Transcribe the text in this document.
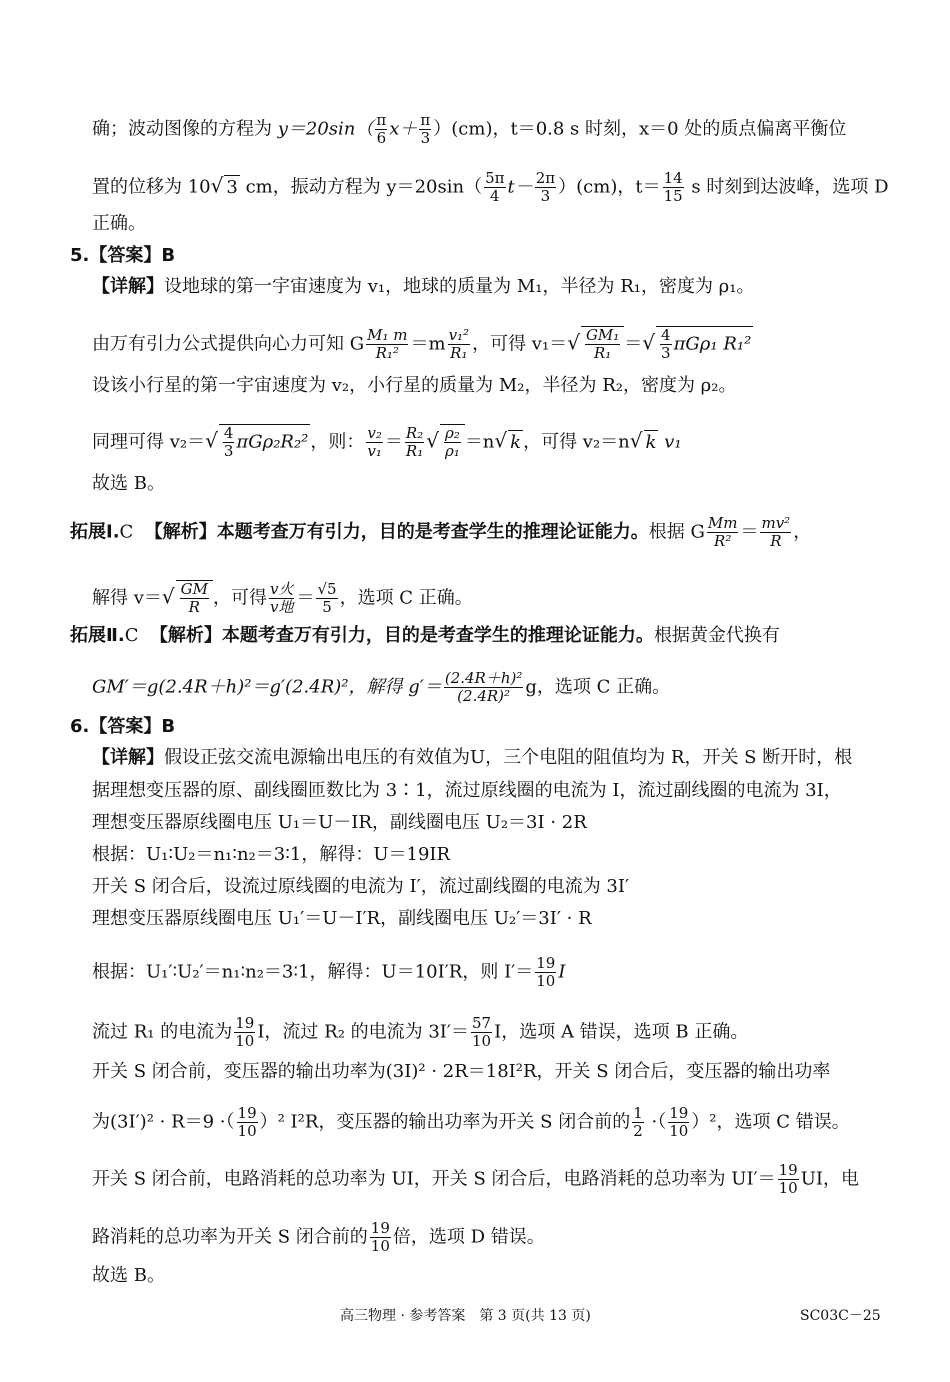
确；波动图像的方程为 $y=20\sin( \frac{\pi}{6} x+ \frac{\pi}{3} )(cm)$，t＝0.8 s 时刻，x＝0 处的质点偏离平衡位
置的位移为 10√ 3 cm，振动方程为 $y=20\sin( \frac{5\pi}{4} t- \frac{2\pi}{3} )(cm)$，$t= \frac{14}{15}$ s 时刻到达波峰，选项 D
正确。
5.【答案】B
【详解】设地球的第一宇宙速度为 v₁，地球的质量为 M₁，半径为 R₁，密度为 ρ₁。
由万有引力公式提供向心力可知 G $\frac{\text{M₁ m}}{\text{R₁²}} =m \frac{\text{v₁²}}{\text{R₁}}$ ，可得 $v_1=√ \frac{\text{GM₁}}{\text{R₁}}$ ＝√ $\frac{4}{3} \pi G\rho_1$ R₁²
设该小行星的第一宇宙速度为 v₂，小行星的质量为 M₂，半径为 R₂，密度为 ρ₂。
同理可得 $v_2=√ \frac{4}{3} \pi G\rho_2R_2^2$ ，则： $\frac{\text{v₂}}{\text{v₁}} = \frac{\text{R₂}}{\text{R₁}}$ √ $\frac{\text{ρ₂}}{\text{ρ₁}} =n√$ k ，可得 v₂＝n√ k v₁
故选 B。
拓展Ⅰ.C 【解析】本题考查万有引力，目的是考查学生的推理论证能力。根据 G $\frac{Mm}{\text{R²}} = \frac{\text{mv²}}{R}$ ，
解得 $v=√ \frac{GM}{R}$ ，可得 $\frac{\text{v火}}{\text{v地}} = \frac{√5}{5}$ ，选项 C 正确。
拓展Ⅱ.C 【解析】本题考查万有引力，目的是考查学生的推理论证能力。根据黄金代换有
GM′＝g(2.4R＋h)²＝g′(2.4R)²，解得 $g'= \frac{\text{(2.4R＋h)²}}{\text{(2.4R)²}}$ g，选项 C 正确。
6.【答案】B
【详解】假设正弦交流电源输出电压的有效值为U，三个电阻的阻值均为 R，开关 S 断开时，根
据理想变压器的原、副线圈匝数比为 3∶1，流过原线圈的电流为 I，流过副线圈的电流为 3I，
理想变压器原线圈电压 U₁＝U－IR，副线圈电压 U₂＝3I · 2R
根据：U₁∶U₂＝n₁∶n₂＝3∶1，解得：U＝19IR
开关 S 闭合后，设流过原线圈的电流为 I′，流过副线圈的电流为 3I′
理想变压器原线圈电压 U₁′＝U－I′R，副线圈电压 U₂′＝3I′ · R
根据：U₁′∶U₂′＝n₁∶n₂＝3∶1，解得：U＝10I′R，则 $I'= \frac{19}{10}$ I
流过 R₁ 的电流为 $\frac{19}{10}$ I，流过 R₂ 的电流为 $3I'= \frac{57}{10}$ I，选项 A 错误，选项 B 正确。
开关 S 闭合前，变压器的输出功率为(3I)² · 2R＝18I²R，开关 S 闭合后，变压器的输出功率
为(3I′)² · R＝9 ·（ $\frac{19}{10} )^2$ I²R，变压器的输出功率为开关 S 闭合前的 $\frac{1}{2}$ ·（ $\frac{19}{10} )^2$，选项 C 错误。
开关 S 闭合前，电路消耗的总功率为 UI，开关 S 闭合后，电路消耗的总功率为 $UI'= \frac{19}{10}$ UI，电
路消耗的总功率为开关 S 闭合前的 $\frac{19}{10}$ 倍，选项 D 错误。
故选 B。
高三物理 · 参考答案　第 3 页(共 13 页)	SC03C－25
